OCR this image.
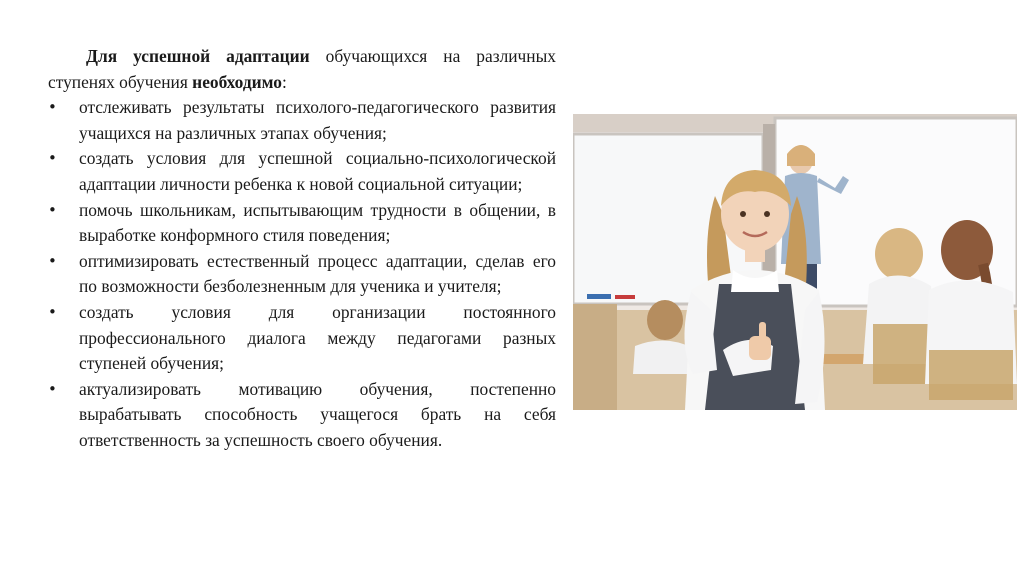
Для успешной адаптации обучающихся на различных ступенях обучения необходимо:

• отслеживать результаты психолого-педагогического развития учащихся на различных этапах обучения;
• создать условия для успешной социально-психологической адаптации личности ребенка к новой социальной ситуации;
• помочь школьникам, испытывающим трудности в общении, в выработке конформного стиля поведения;
• оптимизировать естественный процесс адаптации, сделав его по возможности безболезненным для ученика и учителя;
• создать условия для организации постоянного профессионального диалога между педагогами разных ступеней обучения;
• актуализировать мотивацию обучения, постепенно вырабатывать способность учащегося брать на себя ответственность за успешность своего обучения.
